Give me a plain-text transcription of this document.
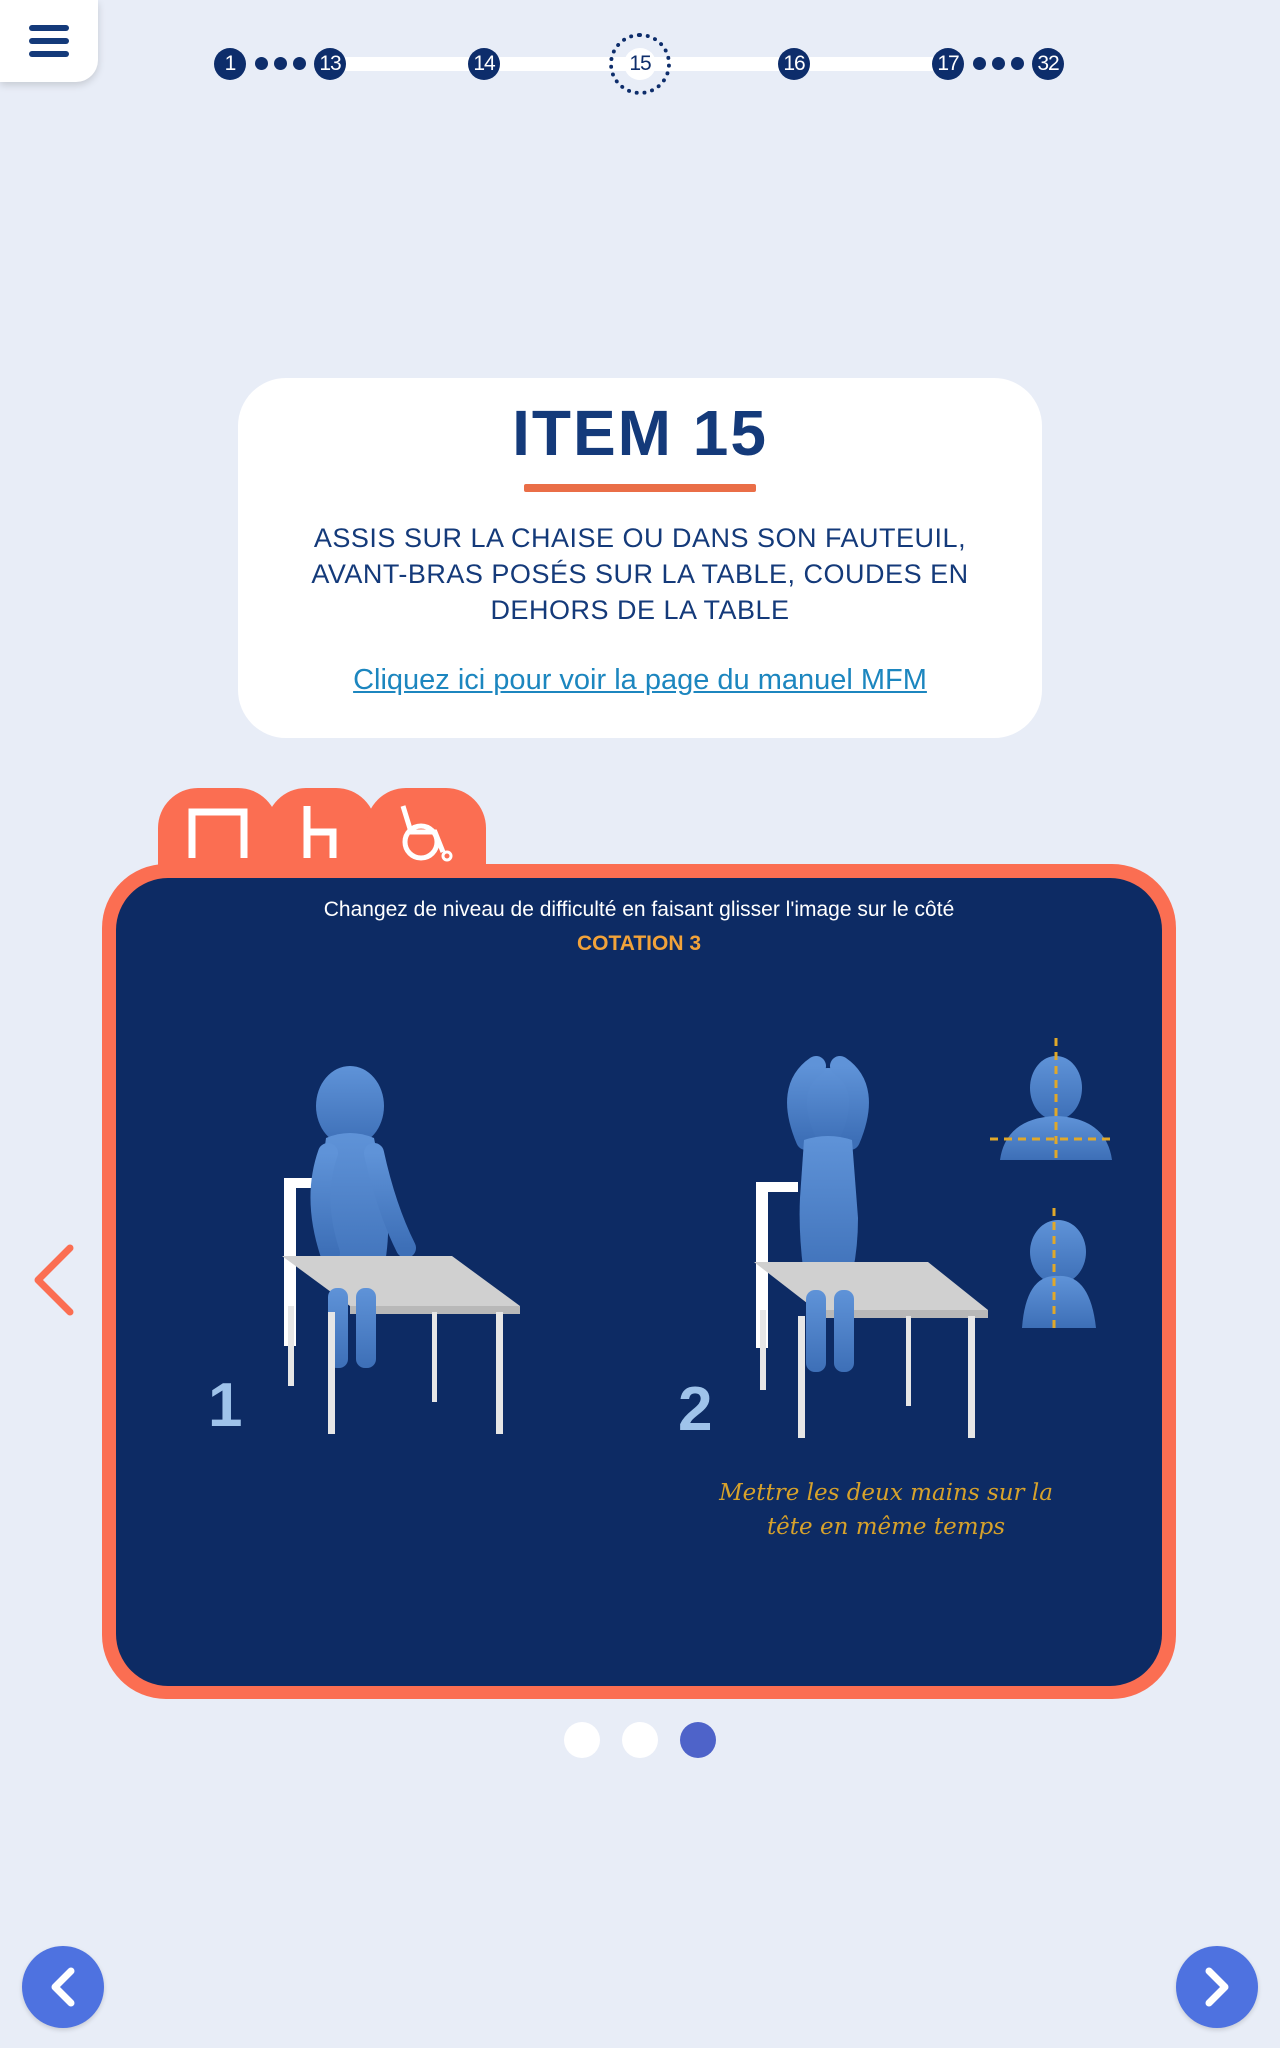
1	13	14	15	16	17	32
ITEM 15
ASSIS SUR LA CHAISE OU DANS SON FAUTEUIL, AVANT-BRAS POSÉS SUR LA TABLE, COUDES EN DEHORS DE LA TABLE
Cliquez ici pour voir la page du manuel MFM
Changez de niveau de difficulté en faisant glisser l'image sur le côté
COTATION 3
1	2
Mettre les deux mains sur la
tête en même temps
